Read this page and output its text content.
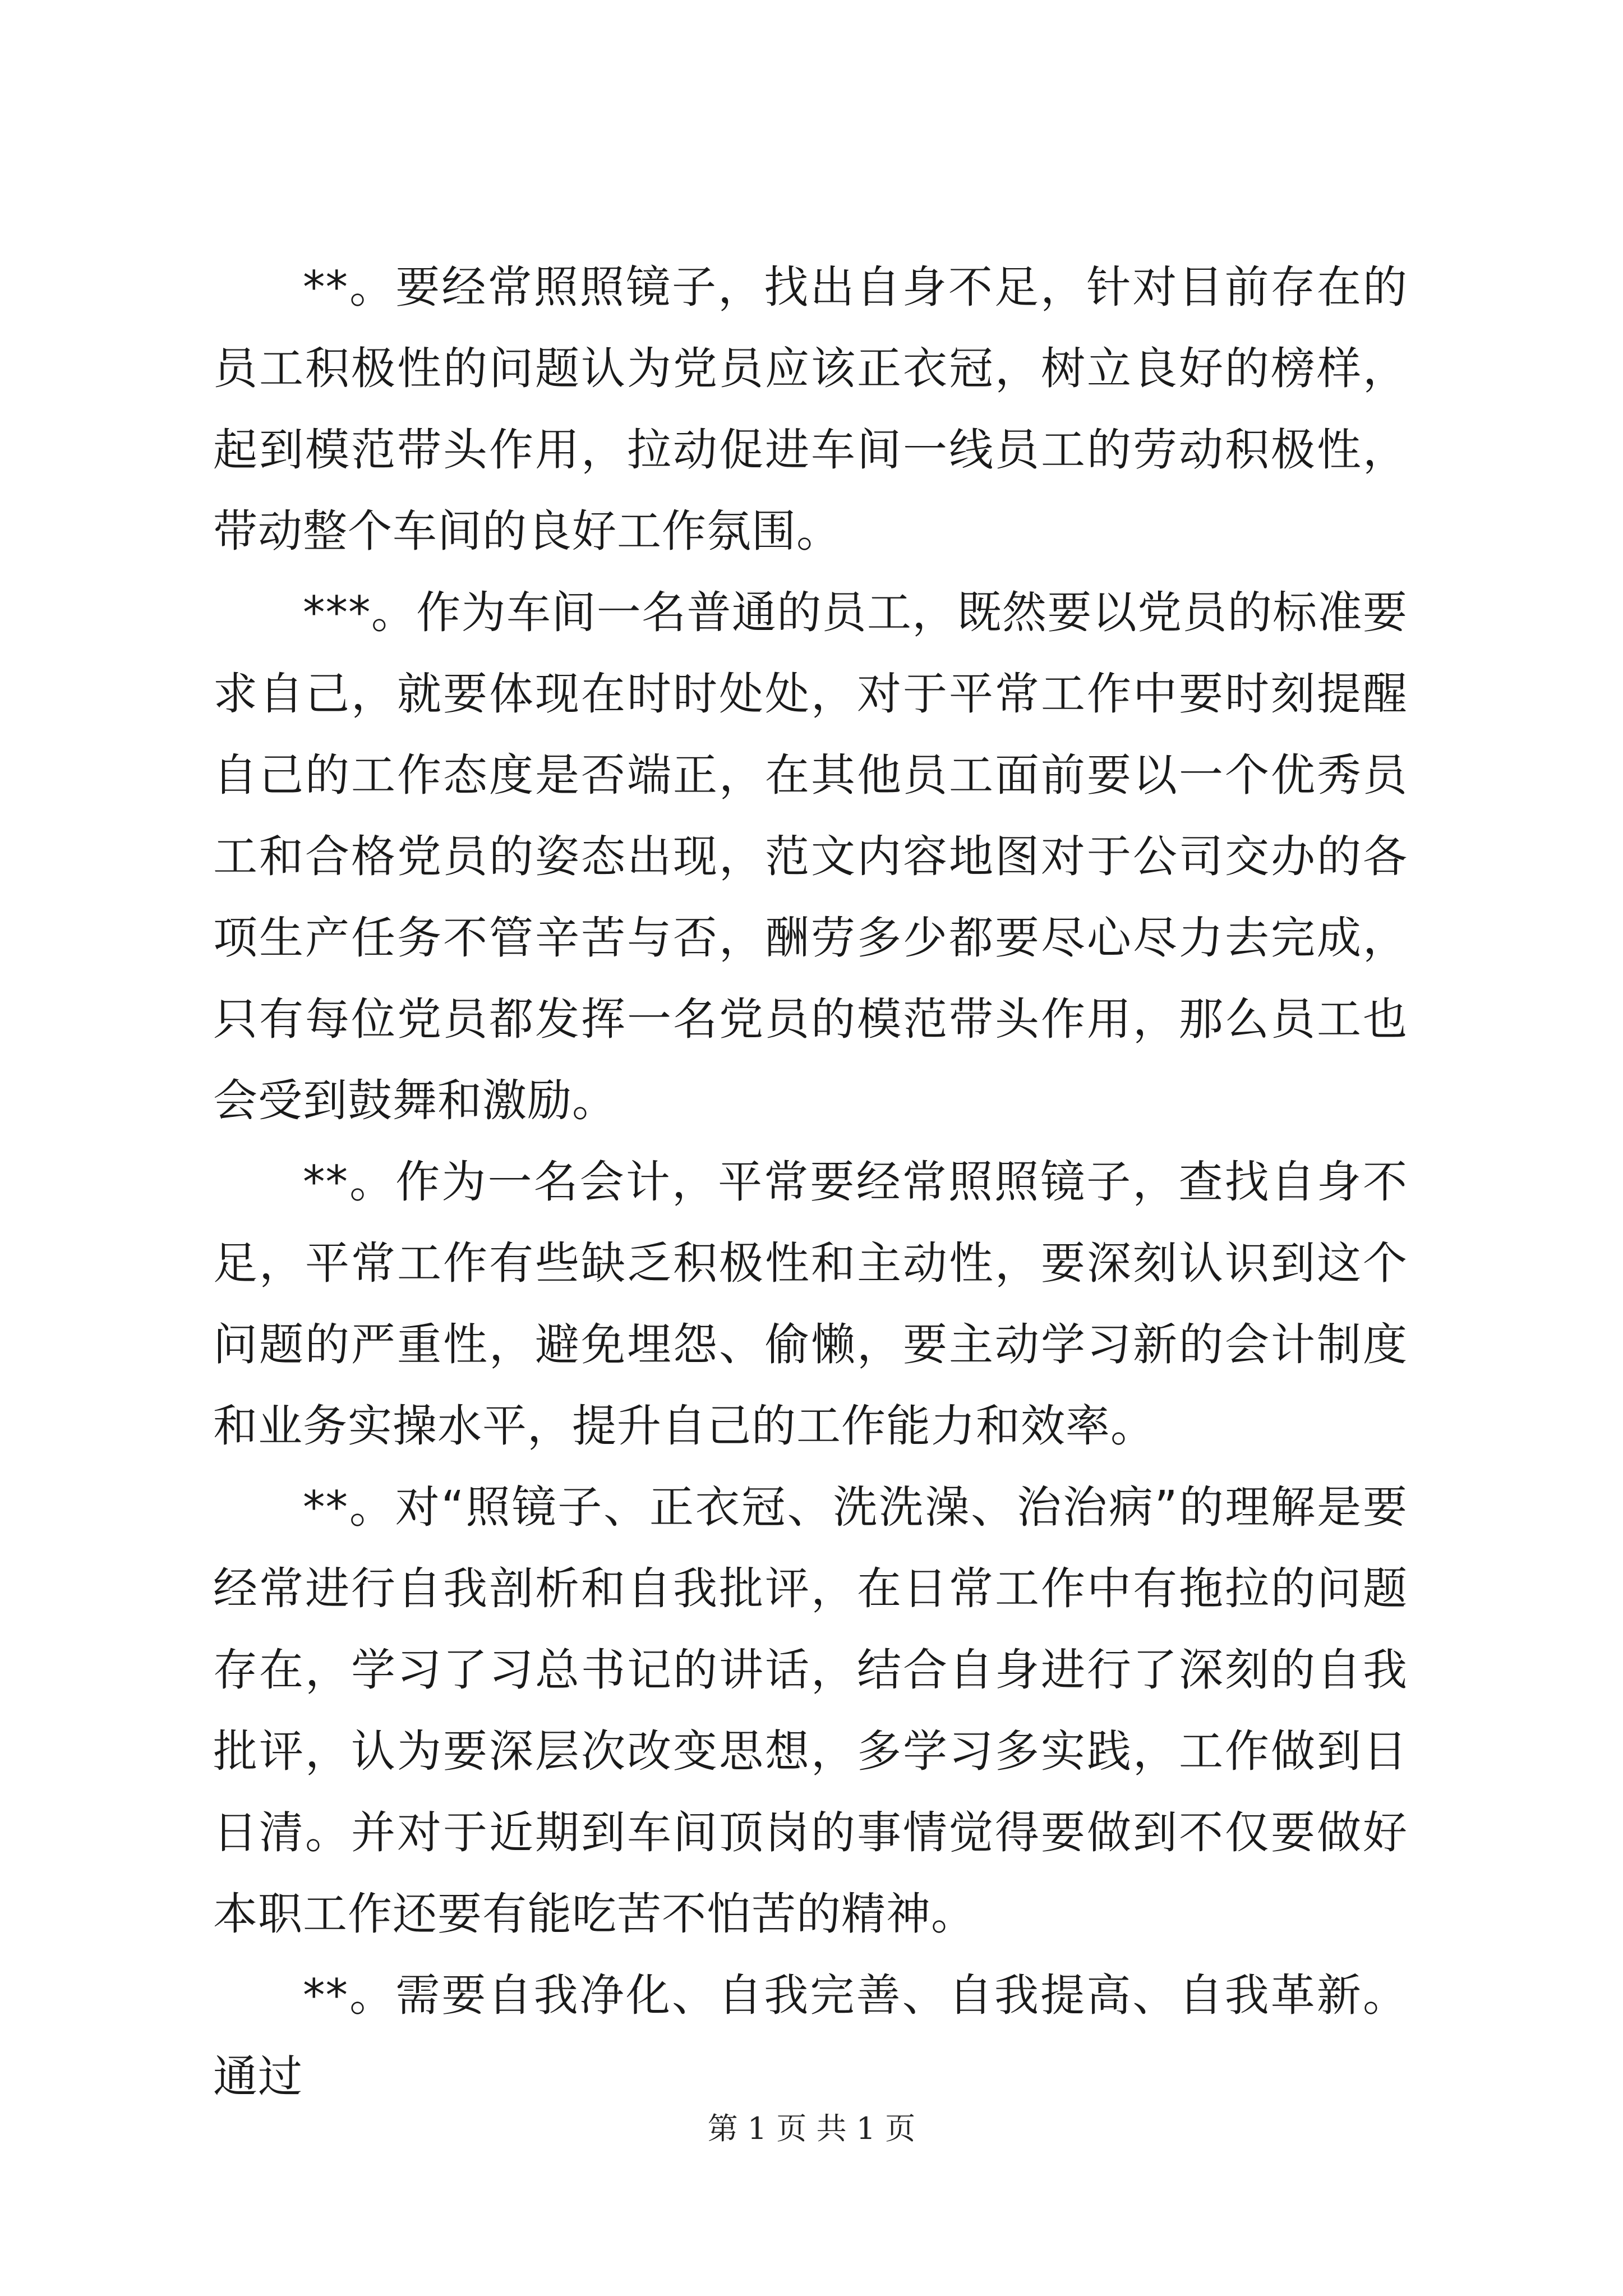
**。要经常照照镜子，找出自身不足，针对目前存在的员工积极性的问题认为党员应该正衣冠，树立良好的榜样，起到模范带头作用，拉动促进车间一线员工的劳动积极性，带动整个车间的良好工作氛围。

***。作为车间一名普通的员工，既然要以党员的标准要求自己，就要体现在时时处处，对于平常工作中要时刻提醒自己的工作态度是否端正，在其他员工面前要以一个优秀员工和合格党员的姿态出现，范文内容地图对于公司交办的各项生产任务不管辛苦与否，酬劳多少都要尽心尽力去完成，只有每位党员都发挥一名党员的模范带头作用，那么员工也会受到鼓舞和激励。

**。作为一名会计，平常要经常照照镜子，查找自身不足，平常工作有些缺乏积极性和主动性，要深刻认识到这个问题的严重性，避免埋怨、偷懒，要主动学习新的会计制度和业务实操水平，提升自己的工作能力和效率。

**。对“照镜子、正衣冠、洗洗澡、治治病”的理解是要经常进行自我剖析和自我批评，在日常工作中有拖拉的问题存在，学习了习总书记的讲话，结合自身进行了深刻的自我批评，认为要深层次改变思想，多学习多实践，工作做到日日清。并对于近期到车间顶岗的事情觉得要做到不仅要做好本职工作还要有能吃苦不怕苦的精神。

**。需要自我净化、自我完善、自我提高、自我革新。通过

第 1 页 共 1 页
